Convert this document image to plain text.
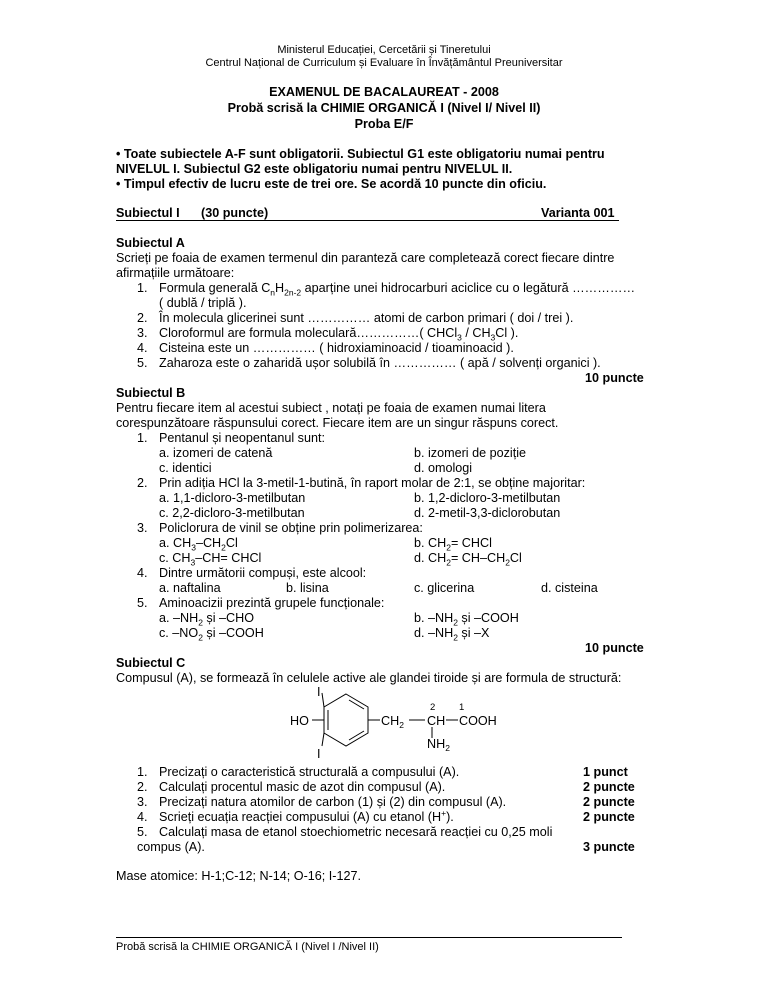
Ministerul Educației, Cercetării și Tineretului
Centrul Național de Curriculum și Evaluare în Învățământul Preuniversitar
EXAMENUL DE BACALAUREAT - 2008
Probă scrisă la CHIMIE ORGANICĂ I (Nivel I/ Nivel II)
Proba E/F
• Toate subiectele A-F sunt obligatorii. Subiectul G1 este obligatoriu numai pentru
NIVELUL I. Subiectul G2 este obligatoriu numai pentru NIVELUL II.
• Timpul efectiv de lucru este de trei ore. Se acordă 10 puncte din oficiu.
Subiectul I (30 puncte)	Varianta 001
Subiectul A
Scrieți pe foaia de examen termenul din paranteză care completează corect fiecare dintre
afirmațiile următoare:
1. Formula generală $C_nH_{2n-2}$ aparține unei hidrocarburi aciclice cu o legătură ……………
( dublă / triplă ).
2. În molecula glicerinei sunt …………… atomi de carbon primari ( doi / trei ).
3. Cloroformul are formula moleculară……………( CHCl$_3$ / $CH_3Cl$ ).
4. Cisteina este un …………… ( hidroxiaminoacid / tioaminoacid ).
5. Zaharoza este o zaharidă ușor solubilă în …………… ( apă / solvenți organici ).
10 puncte
Subiectul B
Pentru fiecare item al acestui subiect , notați pe foaia de examen numai litera
corespunzătoare răspunsului corect. Fiecare item are un singur răspuns corect.
1. Pentanul și neopentanul sunt:
a. izomeri de catenă	b. izomeri de poziție
c. identici	d. omologi
2. Prin adiția HCl la 3-metil-1-butină, în raport molar de 2:1, se obține majoritar:
a. 1,1-dicloro-3-metilbutan	b. 1,2-dicloro-3-metilbutan
c. 2,2-dicloro-3-metilbutan	d. 2-metil-3,3-diclorobutan
3. Policlorura de vinil se obține prin polimerizarea:
a. $CH_3-CH_2Cl$	b. $CH_2=$ CHCl
c. $CH_3-CH=$ CHCl	d. $CH_2= CH-CH_2Cl$
4. Dintre următorii compuși, este alcool:
a. naftalina	b. lisina	c. glicerina	d. cisteina
5. Aminoacizii prezintă grupele funcționale:
a. $-NH_2$ și –CHO	b. $-NH_2$ și –COOH
c. $-NO_2$ și –COOH	d. $-NH_2$ și –X
10 puncte
Subiectul C
Compusul (A), se formează în celulele active ale glandei tiroide și are formula de structură:
I
I
HO	$CH_2$ CH COOH
$NH_2$
2 1
1. Precizați o caracteristică structurală a compusului (A).	1 punct
2. Calculați procentul masic de azot din compusul (A).	2 puncte
3. Precizați natura atomilor de carbon (1) și (2) din compusul (A).	2 puncte
4. Scrieți ecuația reacției compusului (A) cu etanol (H+).	2 puncte
5. Calculați masa de etanol stoechiometric necesară reacției cu 0,25 moli
compus (A).	3 puncte
Mase atomice: H-1;C-12; N-14; O-16; I-127.
Probă scrisă la CHIMIE ORGANICĂ I (Nivel I /Nivel II)
